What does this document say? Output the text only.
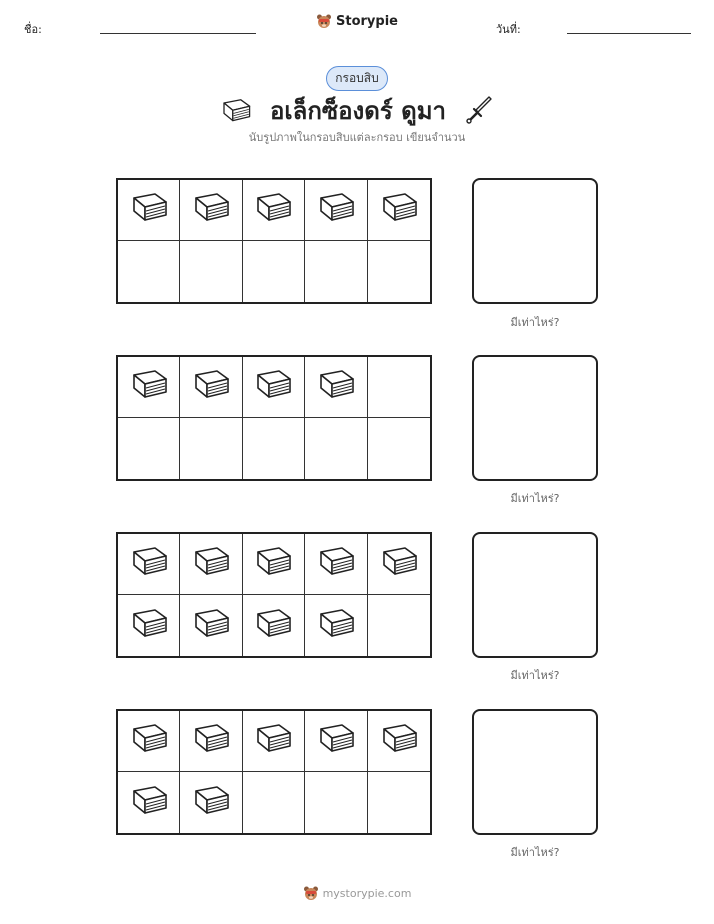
ชื่อ:
Storypie
วันที่:
กรอบสิบ
อเล็กซ็องดร์ ดูมา
นับรูปภาพในกรอบสิบแต่ละกรอบ เขียนจำนวน
มีเท่าไหร่?
มีเท่าไหร่?
มีเท่าไหร่?
มีเท่าไหร่?
mystorypie.com
